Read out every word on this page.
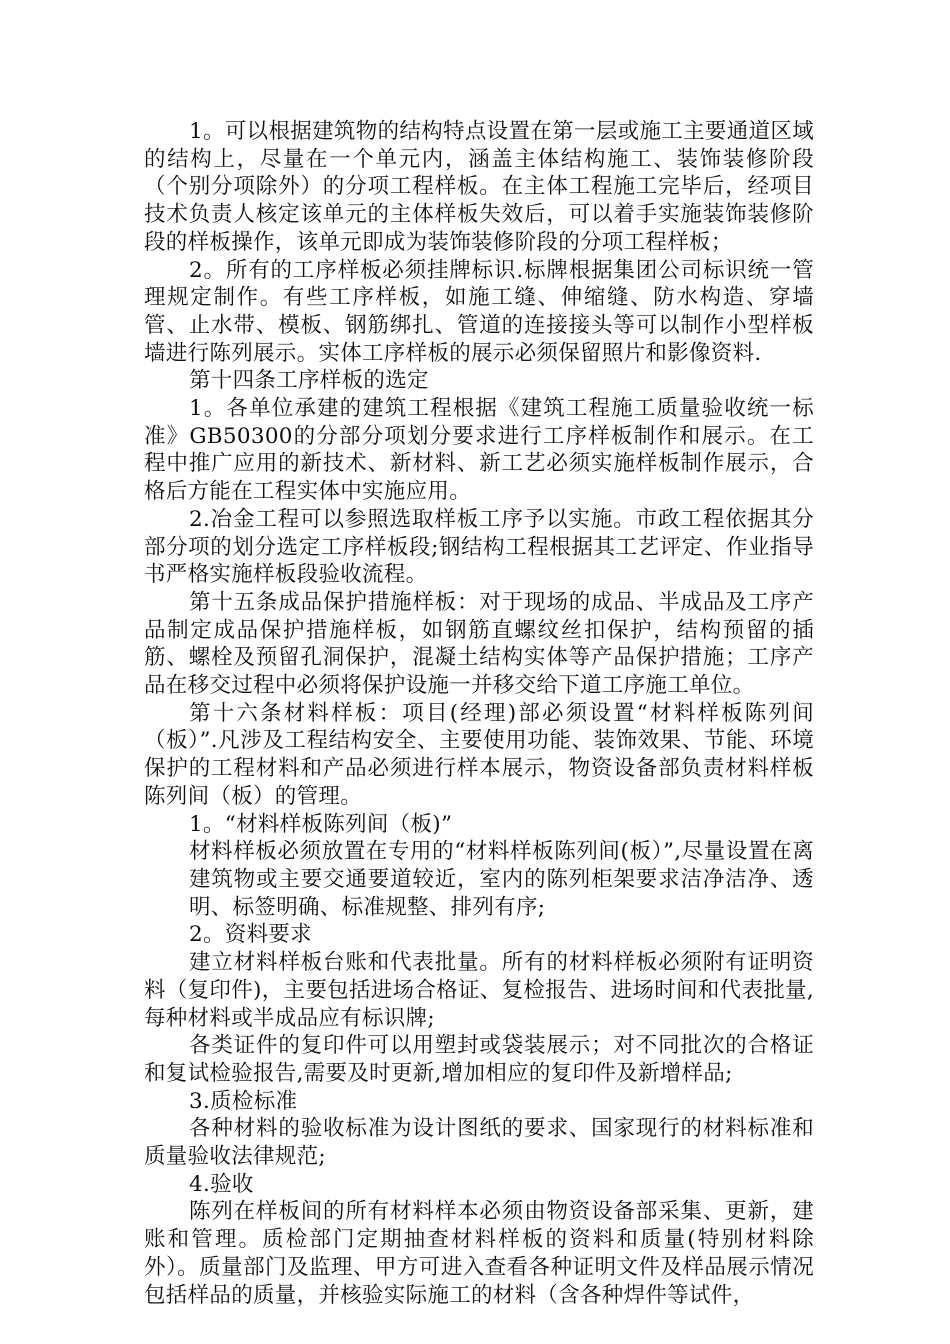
1。可以根据建筑物的结构特点设置在第一层或施工主要通道区域的结构上，尽量在一个单元内，涵盖主体结构施工、装饰装修阶段（个别分项除外）的分项工程样板。在主体工程施工完毕后，经项目技术负责人核定该单元的主体样板失效后，可以着手实施装饰装修阶段的样板操作，该单元即成为装饰装修阶段的分项工程样板；

2。所有的工序样板必须挂牌标识.标牌根据集团公司标识统一管理规定制作。有些工序样板，如施工缝、伸缩缝、防水构造、穿墙管、止水带、模板、钢筋绑扎、管道的连接接头等可以制作小型样板墙进行陈列展示。实体工序样板的展示必须保留照片和影像资料.

第十四条工序样板的选定

1。各单位承建的建筑工程根据《建筑工程施工质量验收统一标准》GB50300的分部分项划分要求进行工序样板制作和展示。在工程中推广应用的新技术、新材料、新工艺必须实施样板制作展示，合格后方能在工程实体中实施应用。

2.冶金工程可以参照选取样板工序予以实施。市政工程依据其分部分项的划分选定工序样板段;钢结构工程根据其工艺评定、作业指导书严格实施样板段验收流程。

第十五条成品保护措施样板：对于现场的成品、半成品及工序产品制定成品保护措施样板，如钢筋直螺纹丝扣保护，结构预留的插筋、螺栓及预留孔洞保护，混凝土结构实体等产品保护措施；工序产品在移交过程中必须将保护设施一并移交给下道工序施工单位。

第十六条材料样板：项目(经理)部必须设置“材料样板陈列间（板）”.凡涉及工程结构安全、主要使用功能、装饰效果、节能、环境保护的工程材料和产品必须进行样本展示，物资设备部负责材料样板陈列间（板）的管理。

1。“材料样板陈列间（板)”

材料样板必须放置在专用的“材料样板陈列间(板）”,尽量设置在离建筑物或主要交通要道较近，室内的陈列柜架要求洁净洁净、透明、标签明确、标准规整、排列有序;

2。资料要求

建立材料样板台账和代表批量。所有的材料样板必须附有证明资料（复印件)，主要包括进场合格证、复检报告、进场时间和代表批量,每种材料或半成品应有标识牌;

各类证件的复印件可以用塑封或袋装展示；对不同批次的合格证和复试检验报告,需要及时更新,增加相应的复印件及新增样品;

3.质检标准

各种材料的验收标准为设计图纸的要求、国家现行的材料标准和质量验收法律规范;

4.验收

陈列在样板间的所有材料样本必须由物资设备部采集、更新，建账和管理。质检部门定期抽查材料样板的资料和质量(特别材料除外）。质量部门及监理、甲方可进入查看各种证明文件及样品展示情况包括样品的质量，并核验实际施工的材料（含各种焊件等试件，
